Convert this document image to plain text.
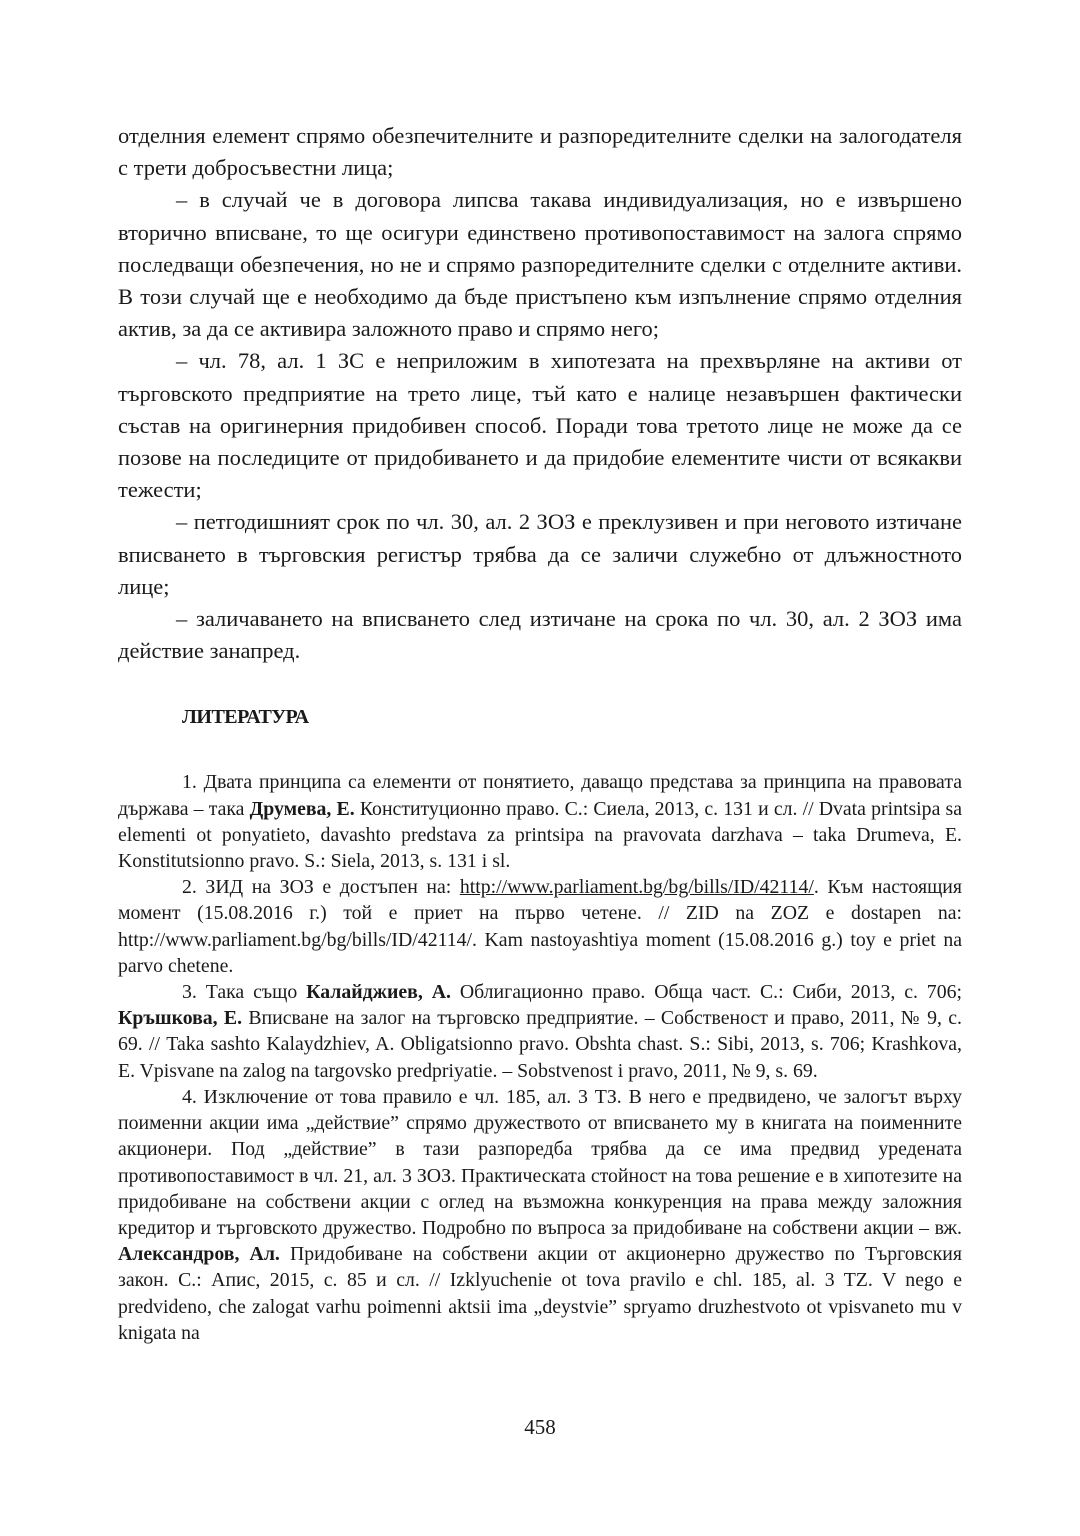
отделния елемент спрямо обезпечителните и разпоредителните сделки на залогодателя с трети добросъвестни лица;

– в случай че в договора липсва такава индивидуализация, но е извършено вторично вписване, то ще осигури единствено противопоставимост на залога спрямо последващи обезпечения, но не и спрямо разпоредителните сделки с отделните активи. В този случай ще е необходимо да бъде пристъпено към изпълнение спрямо отделния актив, за да се активира заложното право и спрямо него;

– чл. 78, ал. 1 ЗС е неприложим в хипотезата на прехвърляне на активи от търговското предприятие на трето лице, тъй като е налице незавършен фактически състав на оригинерния придобивен способ. Поради това третото лице не може да се позове на последиците от придобиването и да придобие елементите чисти от всякакви тежести;

– петгодишният срок по чл. 30, ал. 2 ЗОЗ е преклузивен и при неговото изтичане вписването в търговския регистър трябва да се заличи служебно от длъжностното лице;

– заличаването на вписването след изтичане на срока по чл. 30, ал. 2 ЗОЗ има действие занапред.

ЛИТЕРАТУРА

1. Двата принципа са елементи от понятието, даващо представа за принципа на правовата държава – така Друмева, Е. Конституционно право. С.: Сиела, 2013, с. 131 и сл. // Dvata printsipa sa elementi ot ponyatieto, davashto predstava za printsipa na pravovata darzhava – taka Drumeva, E. Konstitutsionno pravo. S.: Siela, 2013, s. 131 i sl.

2. ЗИД на ЗОЗ е достъпен на: http://www.parliament.bg/bg/bills/ID/42114/. Към настоящия момент (15.08.2016 г.) той е приет на първо четене. // ZID na ZOZ e dostapen na: http://www.parliament.bg/bg/bills/ID/42114/. Kam nastoyashtiya moment (15.08.2016 g.) toy e priet na parvo chetene.

3. Така също Калайджиев, А. Облигационно право. Обща част. С.: Сиби, 2013, с. 706; Кръшкова, Е. Вписване на залог на търговско предприятие. – Собственост и право, 2011, № 9, с. 69. // Taka sashto Kalaydzhiev, A. Obligatsionno pravo. Obshta chast. S.: Sibi, 2013, s. 706; Krashkova, E. Vpisvane na zalog na targovsko predpriyatie. – Sobstvenost i pravo, 2011, № 9, s. 69.

4. Изключение от това правило е чл. 185, ал. 3 ТЗ. В него е предвидено, че залогът върху поименни акции има „действие” спрямо дружеството от вписването му в книгата на поименните акционери. Под „действие” в тази разпоредба трябва да се има предвид уредената противопоставимост в чл. 21, ал. 3 ЗОЗ. Практическата стойност на това решение е в хипотезите на придобиване на собствени акции с оглед на възможна конкуренция на права между заложния кредитор и търговското дружество. Подробно по въпроса за придобиване на собствени акции – вж. Александров, Ал. Придобиване на собствени акции от акционерно дружество по Търговския закон. С.: Апис, 2015, с. 85 и сл. // Izklyuchenie ot tova pravilo e chl. 185, al. 3 TZ. V nego e predvideno, che zalogat varhu poimenni aktsii ima „deystvie” spryamo druzhestvoto ot vpisvaneto mu v knigata na

458
